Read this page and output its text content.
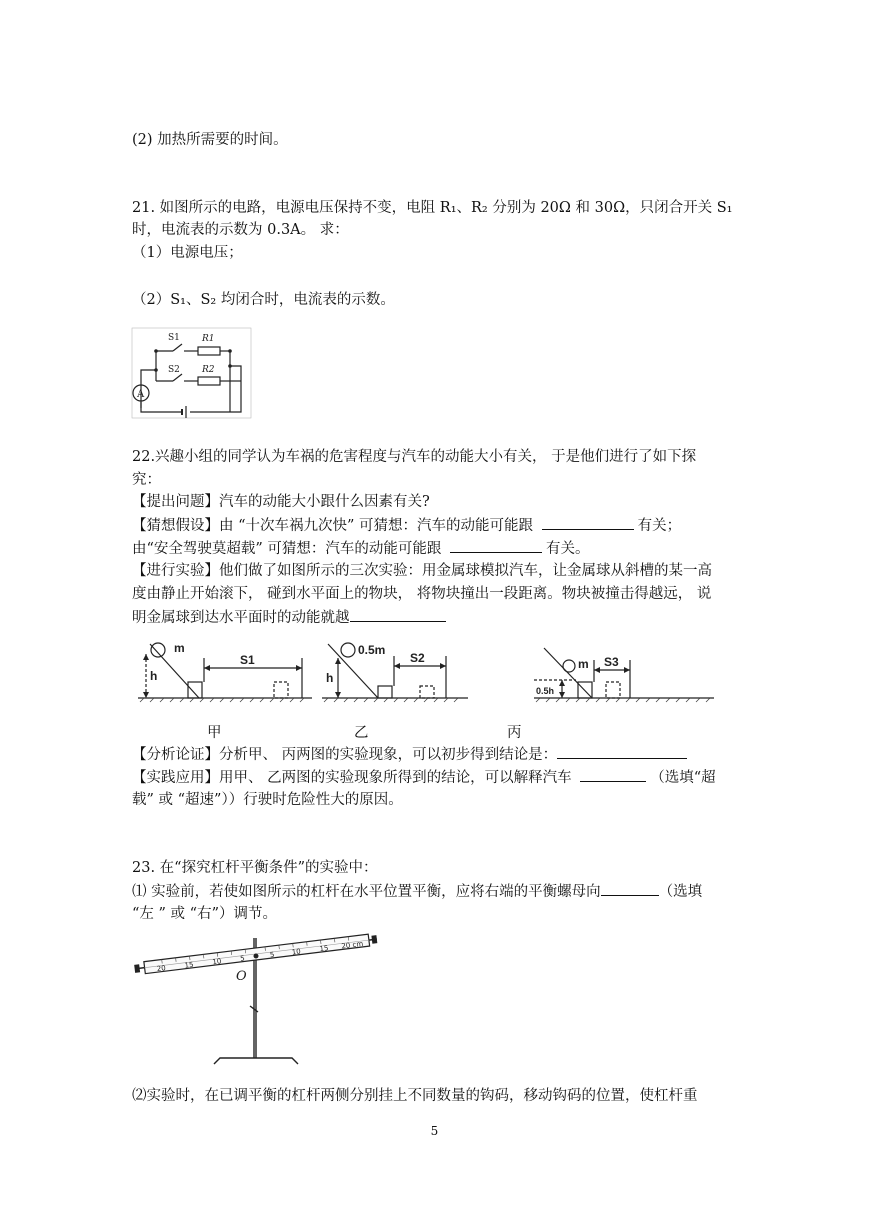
(2) 加热所需要的时间。
21. 如图所示的电路，电源电压保持不变，电阻 R₁、R₂ 分别为 20Ω 和 30Ω，只闭合开关 S₁
时，电流表的示数为 0.3A。 求：
（1）电源电压；
（2）S₁、S₂ 均闭合时，电流表的示数。
S1 R1
S2 R2
A
22.兴趣小组的同学认为车祸的危害程度与汽车的动能大小有关， 于是他们进行了如下探
究：
【提出问题】汽车的动能大小跟什么因素有关?
【猜想假设】由 “十次车祸九次快” 可猜想：汽车的动能可能跟	有关；
由“安全驾驶莫超载” 可猜想：汽车的动能可能跟	有关。
【进行实验】他们做了如图所示的三次实验：用金属球模拟汽车，让金属球从斜槽的某一高
度由静止开始滚下， 碰到水平面上的物块， 将物块撞出一段距离。物块被撞击得越远， 说
明金属球到达水平面时的动能就越
m
h
S1
0.5m
h
S2	m
0.5h
S3
甲	乙	丙
【分析论证】分析甲、 丙两图的实验现象，可以初步得到结论是：
【实践应用】用甲、 乙两图的实验现象所得到的结论，可以解释汽车	（选填“超
载” 或 “超速”））行驶时危险性大的原因。
23. 在“探究杠杆平衡条件”的实验中：
⑴ 实验前，若使如图所示的杠杆在水平位置平衡，应将右端的平衡螺母向	（选填
“左 ” 或 “右”）调节。
20	15	10	5	5 10	15 20 cm
O
⑵实验时，在已调平衡的杠杆两侧分别挂上不同数量的钩码，移动钩码的位置，使杠杆重
5
